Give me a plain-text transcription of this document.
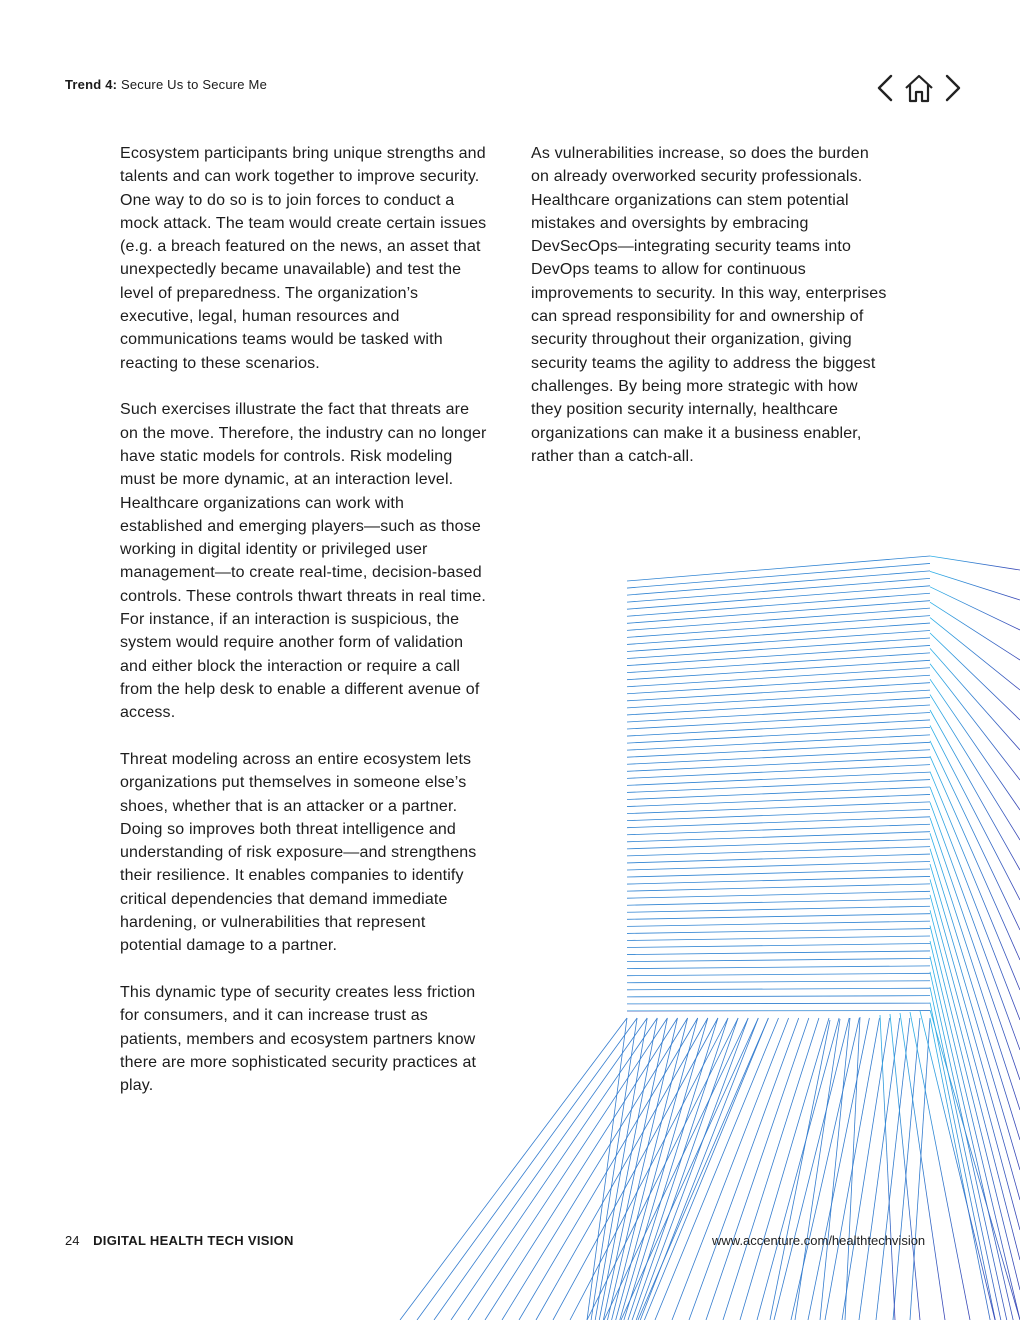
Trend 4: Secure Us to Secure Me

Ecosystem participants bring unique strengths and talents and can work together to improve security. One way to do so is to join forces to conduct a mock attack. The team would create certain issues (e.g. a breach featured on the news, an asset that unexpectedly became unavailable) and test the level of preparedness. The organization’s executive, legal, human resources and communications teams would be tasked with reacting to these scenarios.

Such exercises illustrate the fact that threats are on the move. Therefore, the industry can no longer have static models for controls. Risk modeling must be more dynamic, at an interaction level. Healthcare organizations can work with established and emerging players—such as those working in digital identity or privileged user management—to create real-time, decision-based controls. These controls thwart threats in real time. For instance, if an interaction is suspicious, the system would require another form of validation and either block the interaction or require a call from the help desk to enable a different avenue of access.

Threat modeling across an entire ecosystem lets organizations put themselves in someone else’s shoes, whether that is an attacker or a partner. Doing so improves both threat intelligence and understanding of risk exposure—and strengthens their resilience. It enables companies to identify critical dependencies that demand immediate hardening, or vulnerabilities that represent potential damage to a partner.

This dynamic type of security creates less friction for consumers, and it can increase trust as patients, members and ecosystem partners know there are more sophisticated security practices at play.

As vulnerabilities increase, so does the burden on already overworked security professionals. Healthcare organizations can stem potential mistakes and oversights by embracing DevSecOps—integrating security teams into DevOps teams to allow for continuous improvements to security. In this way, enterprises can spread responsibility for and ownership of security throughout their organization, giving security teams the agility to address the biggest challenges. By being more strategic with how they position security internally, healthcare organizations can make it a business enabler, rather than a catch-all.

24 DIGITAL HEALTH TECH VISION	www.accenture.com/healthtechvision
